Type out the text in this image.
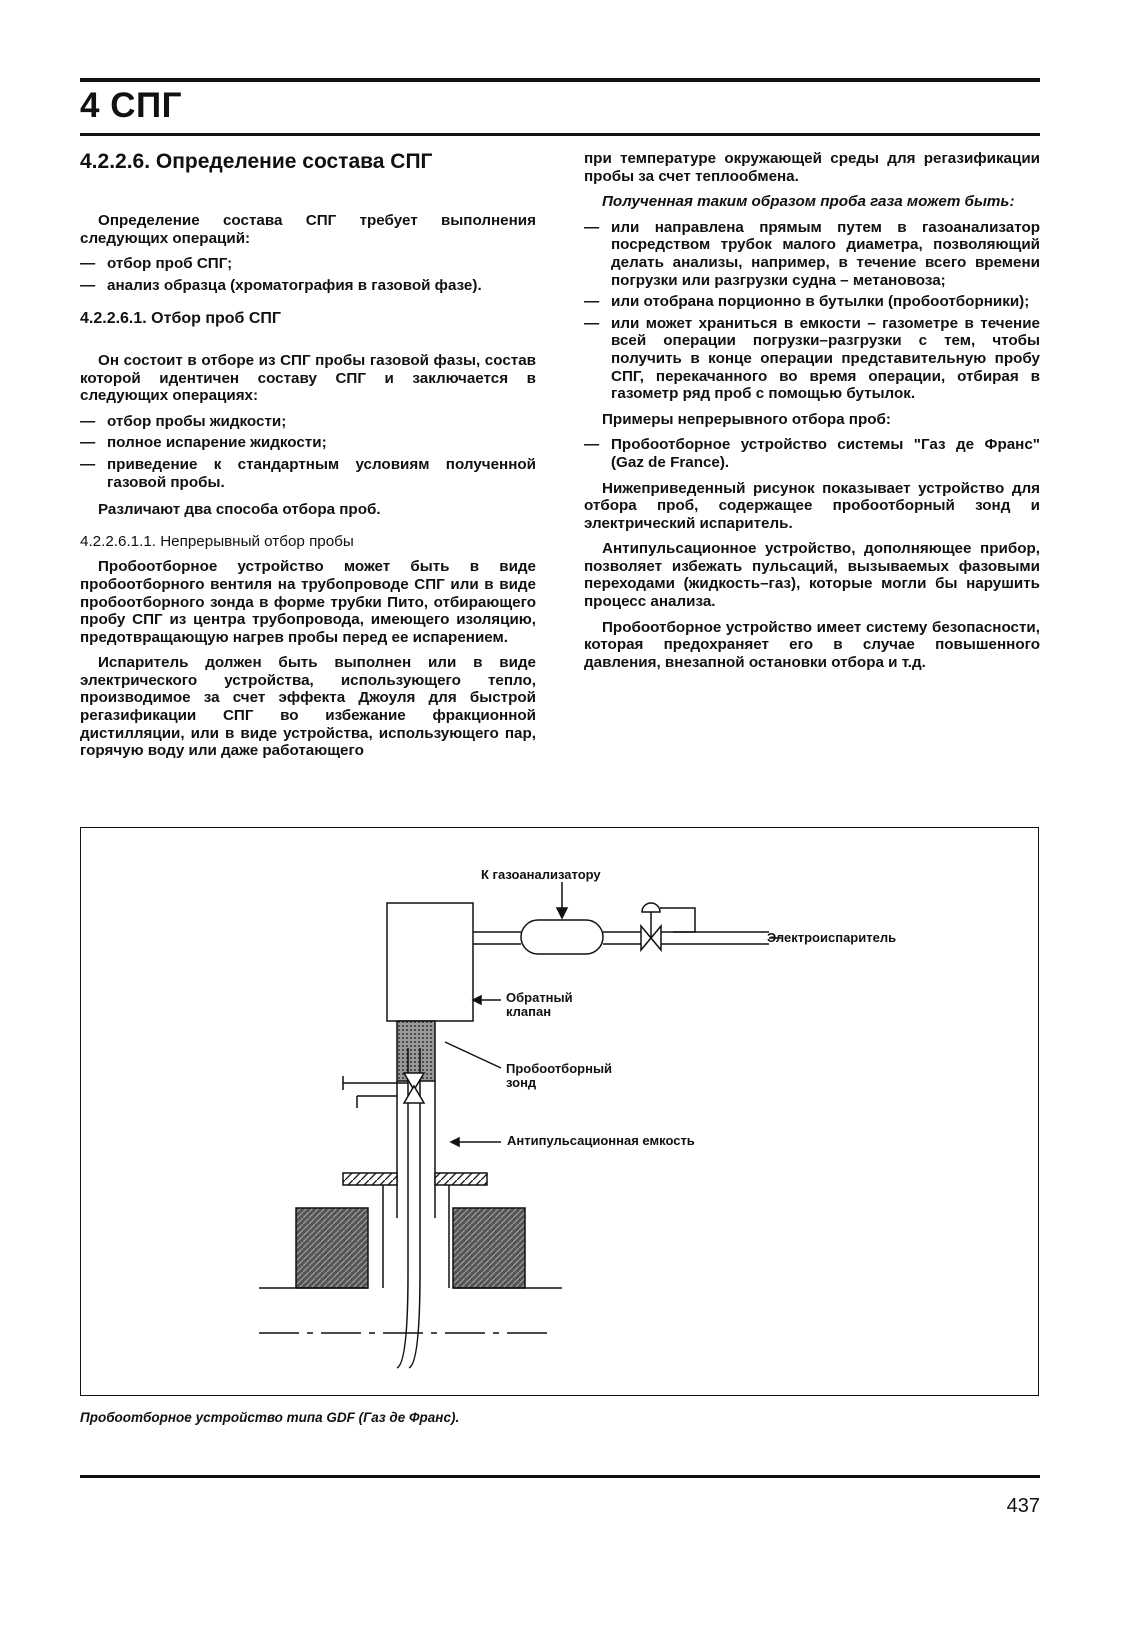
4 СПГ
4.2.2.6. Определение состава СПГ

Определение состава СПГ требует выполнения следующих операций:

— отбор проб СПГ;
— анализ образца (хроматография в газовой фазе).
4.2.2.6.1. Отбор проб СПГ

Он состоит в отборе из СПГ пробы газовой фазы, состав которой идентичен составу СПГ и заключается в следующих операциях:

— отбор пробы жидкости;
— полное испарение жидкости;
— приведение к стандартным условиям полученной газовой пробы.

Различают два способа отбора проб.

4.2.2.6.1.1. Непрерывный отбор пробы

Пробоотборное устройство может быть в виде пробоотборного вентиля на трубопроводе СПГ или в виде пробоотборного зонда в форме трубки Пито, отбирающего пробу СПГ из центра трубопровода, имеющего изоляцию, предотвращающую нагрев пробы перед ее испарением.

Испаритель должен быть выполнен или в виде электрического устройства, использующего тепло, производимое за счет эффекта Джоуля для быстрой регазификации СПГ во избежание фракционной дистилляции, или в виде устройства, использующего пар, горячую воду или даже работающего

при температуре окружающей среды для регазификации пробы за счет теплообмена.

Полученная таким образом проба газа может быть:

— или направлена прямым путем в газоанализатор посредством трубок малого диаметра, позволяющий делать анализы, например, в течение всего времени погрузки или разгрузки судна – метановоза;
— или отобрана порционно в бутылки (пробоотборники);
— или может храниться в емкости – газометре в течение всей операции погрузки–разгрузки с тем, чтобы получить в конце операции представительную пробу СПГ, перекачанного во время операции, отбирая в газометр ряд проб с помощью бутылок.

Примеры непрерывного отбора проб:

— Пробоотборное устройство системы "Газ де Франс" (Gaz de France).

Нижеприведенный рисунок показывает устройство для отбора проб, содержащее пробоотборный зонд и электрический испаритель.

Антипульсационное устройство, дополняющее прибор, позволяет избежать пульсаций, вызываемых фазовыми переходами (жидкость–газ), которые могли бы нарушить процесс анализа.

Пробоотборное устройство имеет систему безопасности, которая предохраняет его в случае повышенного давления, внезапной остановки отбора и т.д.

К газоанализатору
Электроиспаритель
Обратный клапан
Пробоотборный зонд
Антипульсационная емкость
Пробоотборное устройство типа GDF (Газ де Франс).
437
